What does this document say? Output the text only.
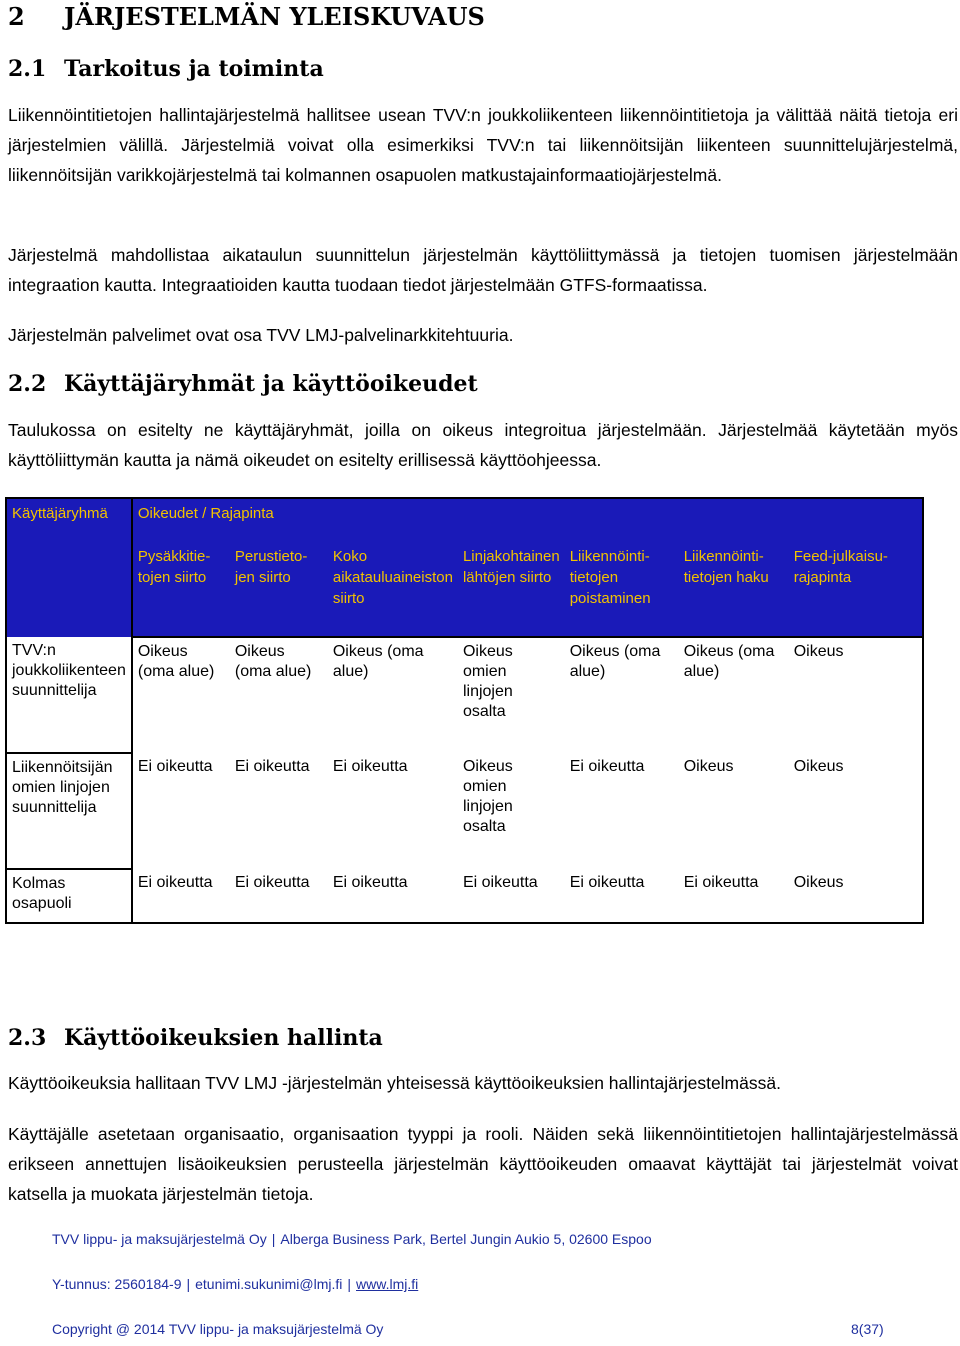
2 JÄRJESTELMÄN YLEISKUVAUS
2.1 Tarkoitus ja toiminta

Liikennöintitietojen hallintajärjestelmä hallitsee usean TVV:n joukkoliikenteen liikennöintitietoja ja välittää näitä tietoja eri järjestelmien välillä. Järjestelmiä voivat olla esimerkiksi TVV:n tai liikennöitsijän liikenteen suunnittelujärjestelmä, liikennöitsijän varikkojärjestelmä tai kolmannen osapuolen matkustajainformaatiojärjestelmä.

Järjestelmä mahdollistaa aikataulun suunnittelun järjestelmän käyttöliittymässä ja tietojen tuomisen järjestelmään integraation kautta. Integraatioiden kautta tuodaan tiedot järjestelmään GTFS-formaatissa.

Järjestelmän palvelimet ovat osa TVV LMJ-palvelinarkkitehtuuria.

2.2 Käyttäjäryhmät ja käyttöoikeudet

Taulukossa on esitelty ne käyttäjäryhmät, joilla on oikeus integroitua järjestelmään. Järjestelmää käytetään myös käyttöliittymän kautta ja nämä oikeudet on esitelty erillisessä käyttöohjeessa.

Käyttäjäryhmä	Oikeudet / Rajapinta						
	Pysäkkitie-tojen siirto	Perustieto-jen siirto	Koko aikatauluaineiston siirto	Linjakohtainen lähtöjen siirto	Liikennöinti-tietojen poistaminen	Liikennöinti-tietojen haku	Feed-julkaisu-rajapinta
TVV:n joukkoliikenteen suunnittelija	Oikeus (oma alue)	Oikeus (oma alue)	Oikeus (oma alue)	Oikeus omien linjojen osalta	Oikeus (oma alue)	Oikeus (oma alue)	Oikeus
Liikennöitsijän omien linjojen suunnittelija	Ei oikeutta	Ei oikeutta	Ei oikeutta	Oikeus omien linjojen osalta	Ei oikeutta	Oikeus	Oikeus
Kolmas osapuoli	Ei oikeutta	Ei oikeutta	Ei oikeutta	Ei oikeutta	Ei oikeutta	Ei oikeutta	Oikeus
2.3 Käyttöoikeuksien hallinta

Käyttöoikeuksia hallitaan TVV LMJ -järjestelmän yhteisessä käyttöoikeuksien hallintajärjestelmässä.

Käyttäjälle asetetaan organisaatio, organisaation tyyppi ja rooli. Näiden sekä liikennöintitietojen hallintajärjestelmässä erikseen annettujen lisäoikeuksien perusteella järjestelmän käyttöoikeuden omaavat käyttäjät tai järjestelmät voivat katsella ja muokata järjestelmän tietoja.

TVV lippu- ja maksujärjestelmä Oy | Alberga Business Park, Bertel Jungin Aukio 5, 02600 Espoo
Y-tunnus: 2560184-9 | etunimi.sukunimi@lmj.fi | www.lmj.fi
Copyright @ 2014 TVV lippu- ja maksujärjestelmä Oy	8(37)
